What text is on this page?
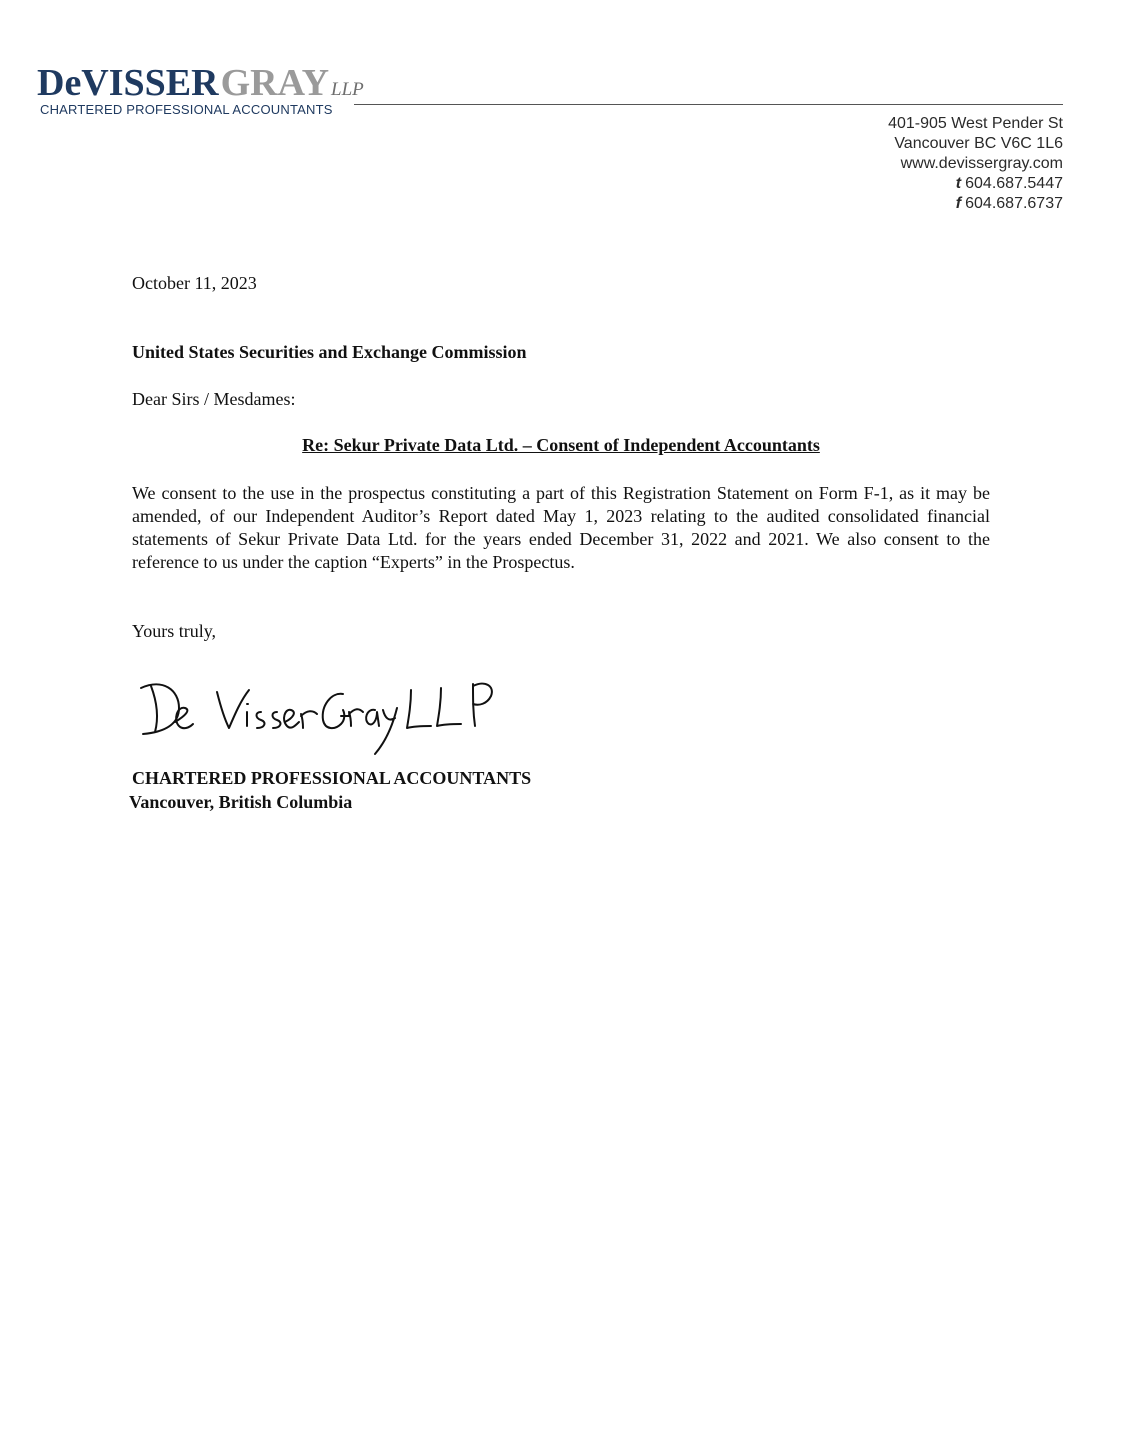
DeVISSERGRAY LLP
CHARTERED PROFESSIONAL ACCOUNTANTS
401-905 West Pender St
Vancouver BC V6C 1L6
www.devissergray.com
t 604.687.5447
f 604.687.6737
October 11, 2023
United States Securities and Exchange Commission
Dear Sirs / Mesdames:
Re: Sekur Private Data Ltd. – Consent of Independent Accountants

We consent to the use in the prospectus constituting a part of this Registration Statement on Form F-1, as it may be amended, of our Independent Auditor’s Report dated May 1, 2023 relating to the audited consolidated financial statements of Sekur Private Data Ltd. for the years ended December 31, 2022 and 2021. We also consent to the reference to us under the caption “Experts” in the Prospectus.

Yours truly,
CHARTERED PROFESSIONAL ACCOUNTANTS
Vancouver, British Columbia
